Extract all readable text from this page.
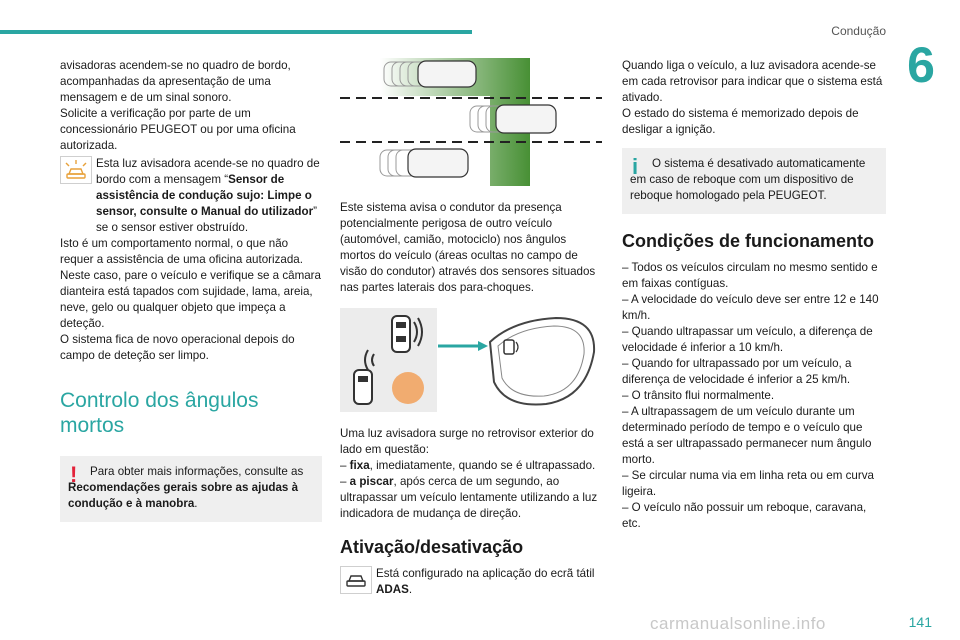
Condução
6

avisadoras acendem-se no quadro de bordo, acompanhadas da apresentação de uma mensagem e de um sinal sonoro.

Solicite a verificação por parte de um concessionário PEUGEOT ou por uma oficina autorizada.

Esta luz avisadora acende-se no quadro de bordo com a mensagem “Sensor de assistência de condução sujo: Limpe o sensor, consulte o Manual do utilizador” se o sensor estiver obstruído.

Isto é um comportamento normal, o que não requer a assistência de uma oficina autorizada.

Neste caso, pare o veículo e verifique se a câmara dianteira está tapados com sujidade, lama, areia, neve, gelo ou qualquer objeto que impeça a deteção.

O sistema fica de novo operacional depois do campo de deteção ser limpo.

Controlo dos ângulos mortos
! Para obter mais informações, consulte as Recomendações gerais sobre as ajudas à condução e à manobra.

Este sistema avisa o condutor da presença potencialmente perigosa de outro veículo (automóvel, camião, motociclo) nos ângulos mortos do veículo (áreas ocultas no campo de visão do condutor) através dos sensores situados nas partes laterais dos para-choques.

Uma luz avisadora surge no retrovisor exterior do lado em questão:

– fixa, imediatamente, quando se é ultrapassado.

– a piscar, após cerca de um segundo, ao ultrapassar um veículo lentamente utilizando a luz indicadora de mudança de direção.

Ativação/desativação
Está configurado na aplicação do ecrã tátil ADAS.

Quando liga o veículo, a luz avisadora acende-se em cada retrovisor para indicar que o sistema está ativado.

O estado do sistema é memorizado depois de desligar a ignição.

i O sistema é desativado automaticamente em caso de reboque com um dispositivo de reboque homologado pela PEUGEOT.
Condições de funcionamento

– Todos os veículos circulam no mesmo sentido e em faixas contíguas.

– A velocidade do veículo deve ser entre 12 e 140 km/h.

– Quando ultrapassar um veículo, a diferença de velocidade é inferior a 10 km/h.

– Quando for ultrapassado por um veículo, a diferença de velocidade é inferior a 25 km/h.

– O trânsito flui normalmente.

– A ultrapassagem de um veículo durante um determinado período de tempo e o veículo que está a ser ultrapassado permanecer num ângulo morto.

– Se circular numa via em linha reta ou em curva ligeira.

– O veículo não possuir um reboque, caravana, etc.

carmanualsonline.info	141
